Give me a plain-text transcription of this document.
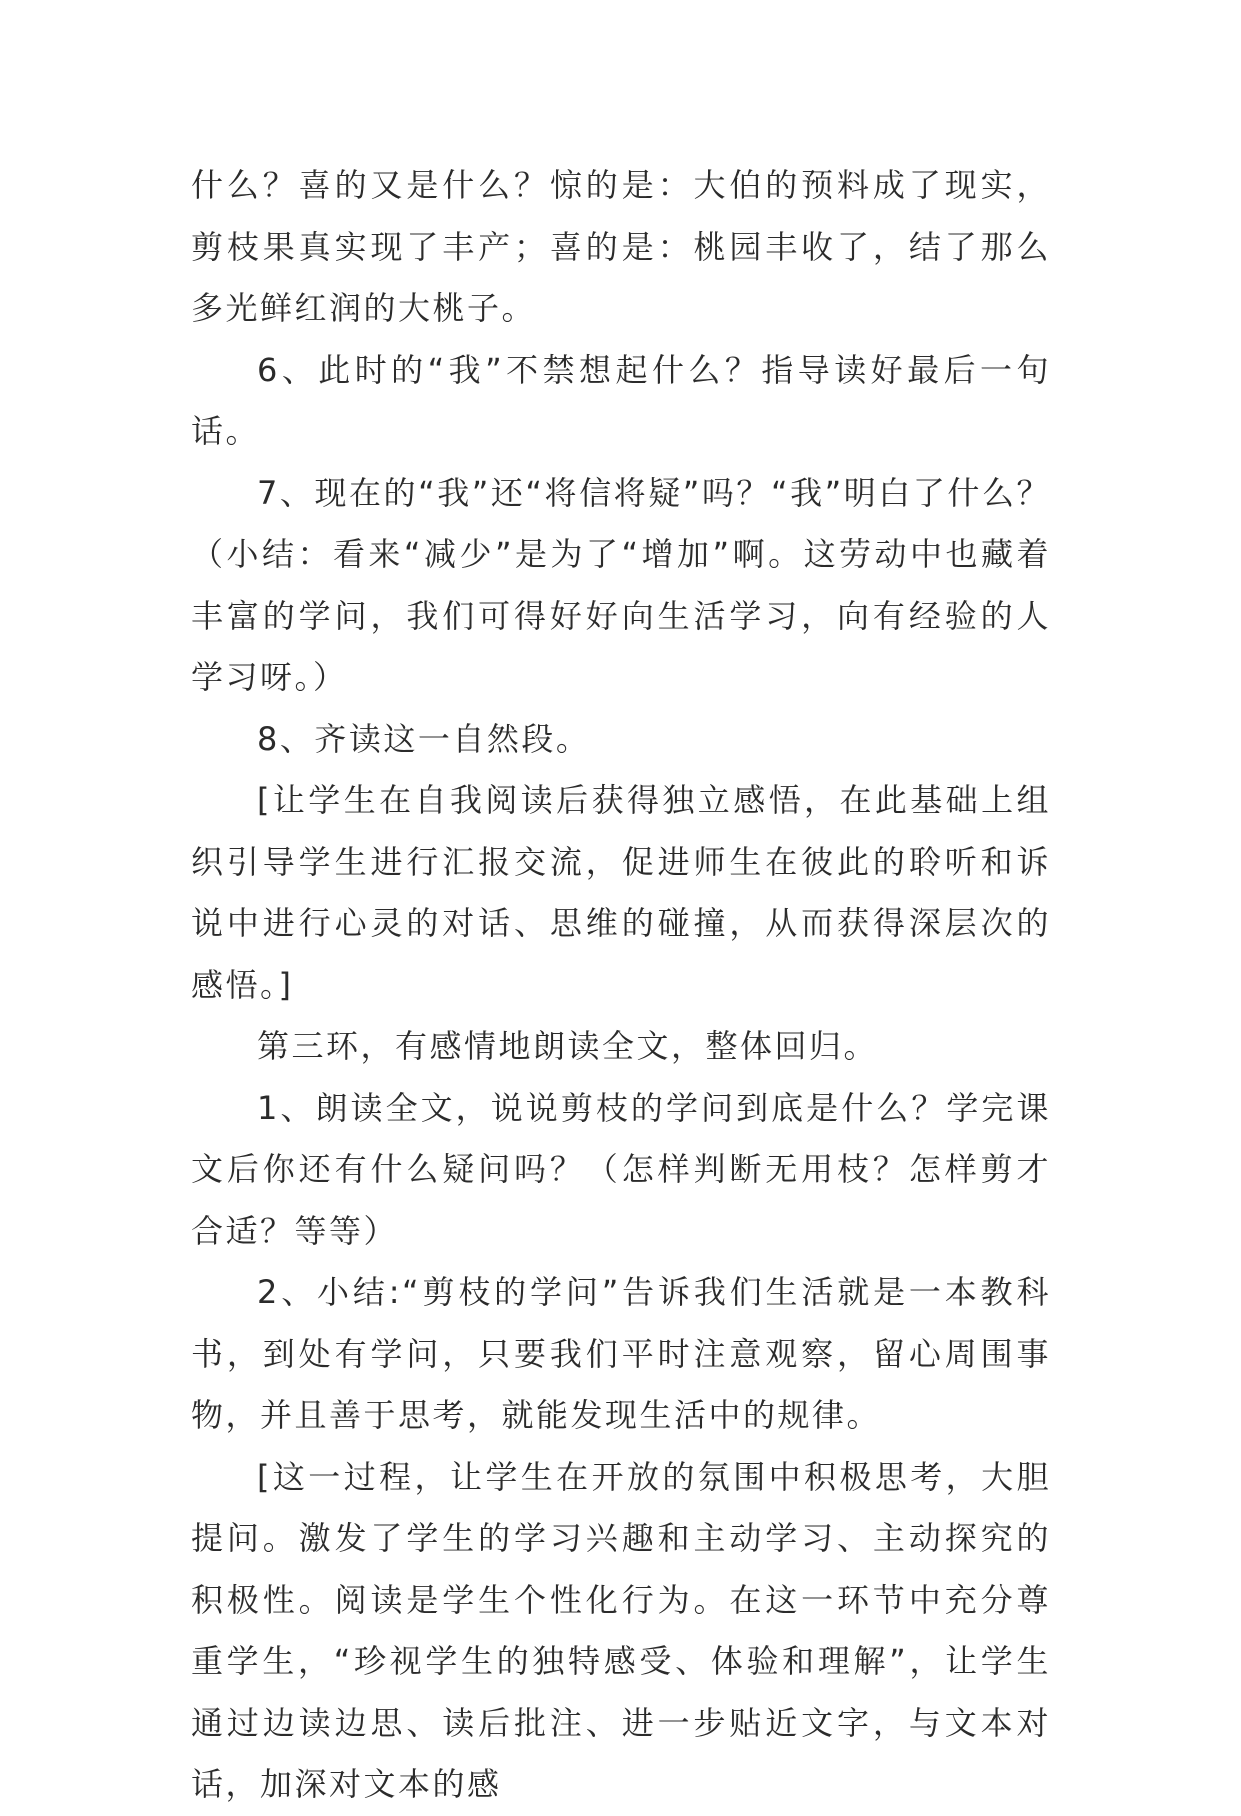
什么？喜的又是什么？惊的是：大伯的预料成了现实，剪枝果真实现了丰产；喜的是：桃园丰收了，结了那么多光鲜红润的大桃子。

6、此时的“我”不禁想起什么？指导读好最后一句话。

7、现在的“我”还“将信将疑”吗？“我”明白了什么？（小结：看来“减少”是为了“增加”啊。这劳动中也藏着丰富的学问，我们可得好好向生活学习，向有经验的人学习呀。）

8、齐读这一自然段。

[让学生在自我阅读后获得独立感悟，在此基础上组织引导学生进行汇报交流，促进师生在彼此的聆听和诉说中进行心灵的对话、思维的碰撞，从而获得深层次的感悟。]

第三环，有感情地朗读全文，整体回归。

1、朗读全文，说说剪枝的学问到底是什么？学完课文后你还有什么疑问吗？（怎样判断无用枝？怎样剪才合适？等等）

2、小结:“剪枝的学问”告诉我们生活就是一本教科书，到处有学问，只要我们平时注意观察，留心周围事物，并且善于思考，就能发现生活中的规律。

[这一过程，让学生在开放的氛围中积极思考，大胆提问。激发了学生的学习兴趣和主动学习、主动探究的积极性。阅读是学生个性化行为。在这一环节中充分尊重学生，“珍视学生的独特感受、体验和理解”，让学生通过边读边思、读后批注、进一步贴近文字，与文本对话，加深对文本的感
